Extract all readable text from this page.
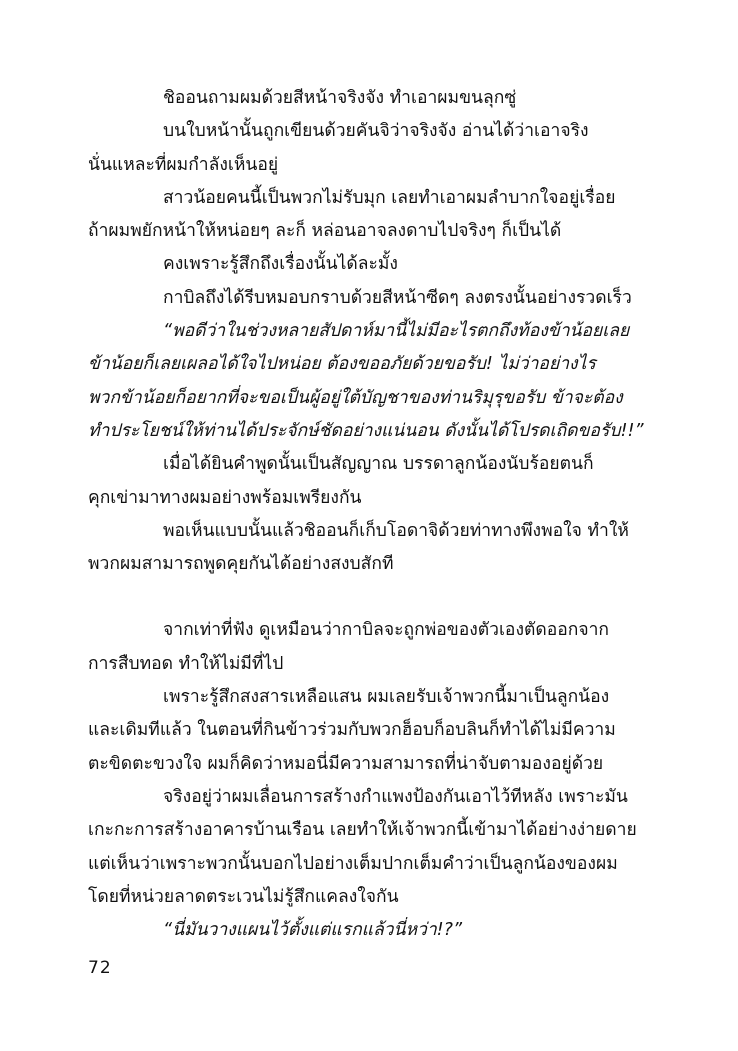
ชิออนถามผมด้วยสีหน้าจริงจัง ทำเอาผมขนลุกซู่
บนใบหน้านั้นถูกเขียนด้วยคันจิว่าจริงจัง อ่านได้ว่าเอาจริง
นั่นแหละที่ผมกำลังเห็นอยู่
สาวน้อยคนนี้เป็นพวกไม่รับมุก เลยทำเอาผมลำบากใจอยู่เรื่อย
ถ้าผมพยักหน้าให้หน่อยๆ ละก็ หล่อนอาจลงดาบไปจริงๆ ก็เป็นได้
คงเพราะรู้สึกถึงเรื่องนั้นได้ละมั้ง
กาบิลถึงได้รีบหมอบกราบด้วยสีหน้าซีดๆ ลงตรงนั้นอย่างรวดเร็ว
“พอดีว่าในช่วงหลายสัปดาห์มานี้ไม่มีอะไรตกถึงท้องข้าน้อยเลย
ข้าน้อยก็เลยเผลอได้ใจไปหน่อย ต้องขออภัยด้วยขอรับ! ไม่ว่าอย่างไร
พวกข้าน้อยก็อยากที่จะขอเป็นผู้อยู่ใต้บัญชาของท่านริมุรุขอรับ ข้าจะต้อง
ทำประโยชน์ให้ท่านได้ประจักษ์ชัดอย่างแน่นอน ดังนั้นได้โปรดเถิดขอรับ!!”
เมื่อได้ยินคำพูดนั้นเป็นสัญญาณ บรรดาลูกน้องนับร้อยตนก็
คุกเข่ามาทางผมอย่างพร้อมเพรียงกัน
พอเห็นแบบนั้นแล้วชิออนก็เก็บโอดาจิด้วยท่าทางพึงพอใจ ทำให้
พวกผมสามารถพูดคุยกันได้อย่างสงบสักที
จากเท่าที่ฟัง ดูเหมือนว่ากาบิลจะถูกพ่อของตัวเองตัดออกจาก
การสืบทอด ทำให้ไม่มีที่ไป
เพราะรู้สึกสงสารเหลือแสน ผมเลยรับเจ้าพวกนี้มาเป็นลูกน้อง
และเดิมทีแล้ว ในตอนที่กินข้าวร่วมกับพวกฮ็อบก็อบลินก็ทำได้ไม่มีความ
ตะขิดตะขวงใจ ผมก็คิดว่าหมอนี่มีความสามารถที่น่าจับตามองอยู่ด้วย
จริงอยู่ว่าผมเลื่อนการสร้างกำแพงป้องกันเอาไว้ทีหลัง เพราะมัน
เกะกะการสร้างอาคารบ้านเรือน เลยทำให้เจ้าพวกนี้เข้ามาได้อย่างง่ายดาย
แต่เห็นว่าเพราะพวกนั้นบอกไปอย่างเต็มปากเต็มคำว่าเป็นลูกน้องของผม
โดยที่หน่วยลาดตระเวนไม่รู้สึกแคลงใจกัน
“นี่มันวางแผนไว้ตั้งแต่แรกแล้วนี่หว่า!?”
72
